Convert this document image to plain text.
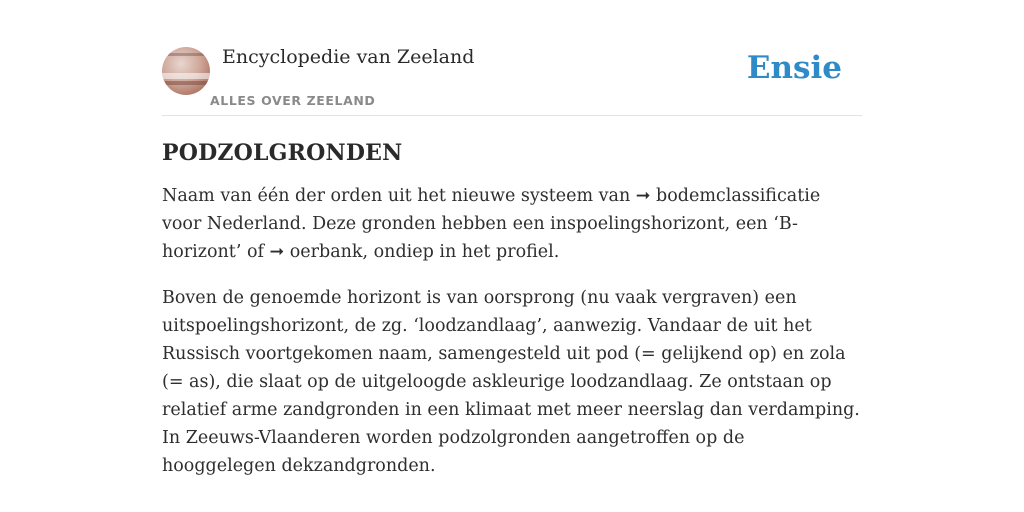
Encyclopedie van Zeeland
ALLES OVER ZEELAND
Ensie
PODZOLGRONDEN

Naam van één der orden uit het nieuwe systeem van ➞ bodemclassificatie voor Nederland. Deze gronden hebben een inspoelingshorizont, een ‘B-horizont’ of ➞ oerbank, ondiep in het profiel.

Boven de genoemde horizont is van oorsprong (nu vaak vergraven) een uitspoelingshorizont, de zg. ‘loodzandlaag’, aanwezig. Vandaar de uit het Russisch voortgekomen naam, samengesteld uit pod (= gelijkend op) en zola (= as), die slaat op de uitgeloogde askleurige loodzandlaag. Ze ontstaan op relatief arme zandgronden in een klimaat met meer neerslag dan verdamping. In Zeeuws-Vlaanderen worden podzolgronden aangetroffen op de hooggelegen dekzandgronden.
